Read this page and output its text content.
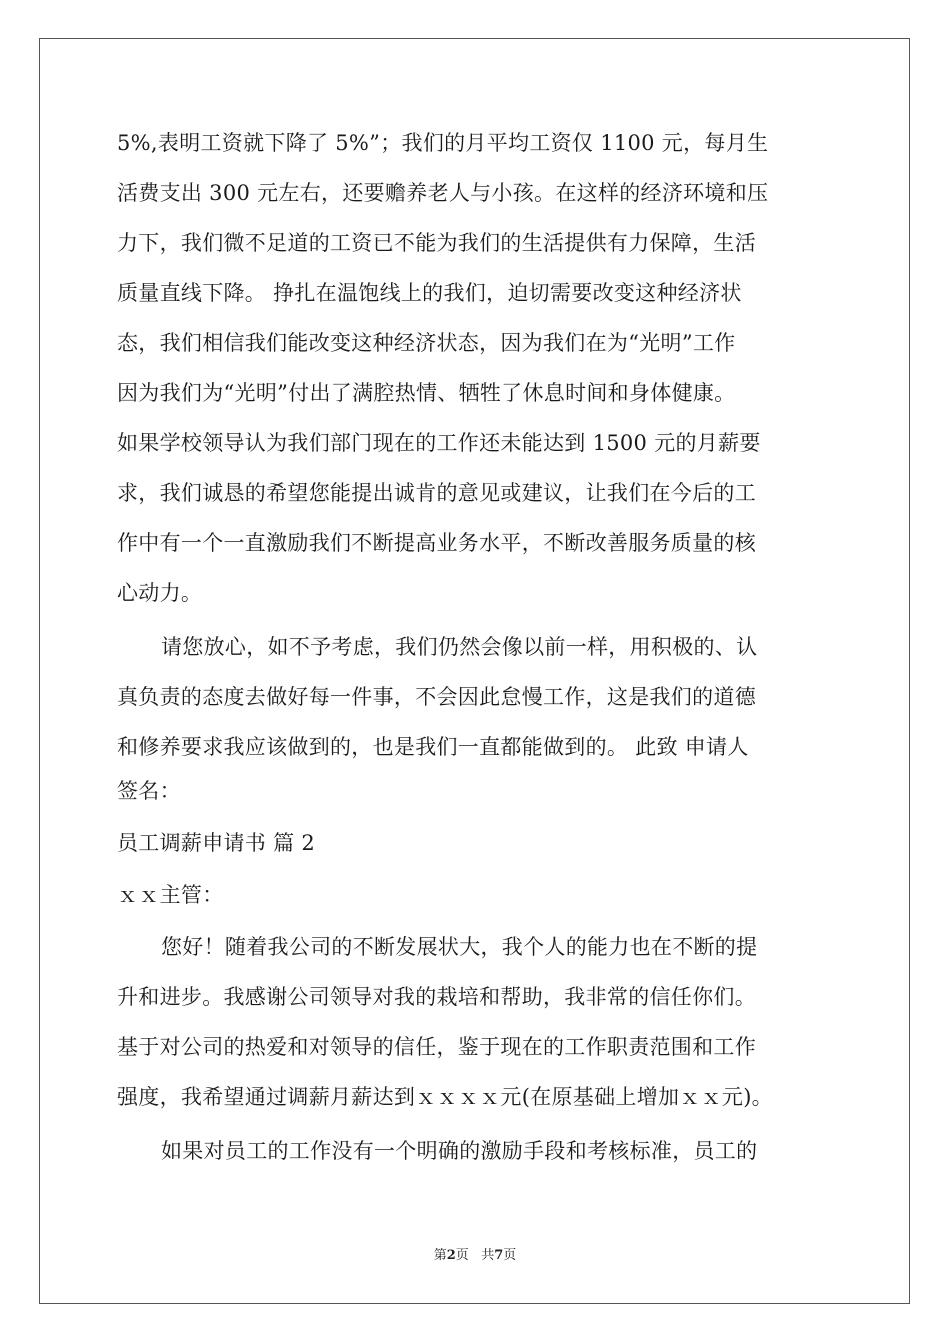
5%,表明工资就下降了 5%”；我们的月平均工资仅 1100 元，每月生
活费支出 300 元左右，还要赡养老人与小孩。在这样的经济环境和压
力下，我们微不足道的工资已不能为我们的生活提供有力保障，生活
质量直线下降。 挣扎在温饱线上的我们，迫切需要改变这种经济状
态，我们相信我们能改变这种经济状态，因为我们在为“光明”工作
因为我们为“光明”付出了满腔热情、牺牲了休息时间和身体健康。
如果学校领导认为我们部门现在的工作还未能达到 1500 元的月薪要
求，我们诚恳的希望您能提出诚肯的意见或建议，让我们在今后的工
作中有一个一直激励我们不断提高业务水平，不断改善服务质量的核
心动力。
请您放心，如不予考虑，我们仍然会像以前一样，用积极的、认
真负责的态度去做好每一件事，不会因此怠慢工作，这是我们的道德
和修养要求我应该做到的，也是我们一直都能做到的。 此致 申请人
签名：
员工调薪申请书 篇 2
ｘｘ主管：
您好！随着我公司的不断发展状大，我个人的能力也在不断的提
升和进步。我感谢公司领导对我的栽培和帮助，我非常的信任你们。
基于对公司的热爱和对领导的信任，鉴于现在的工作职责范围和工作
强度，我希望通过调薪月薪达到ｘｘｘｘ元(在原基础上增加ｘｘ元)。
如果对员工的工作没有一个明确的激励手段和考核标准，员工的
第2页 共7页
